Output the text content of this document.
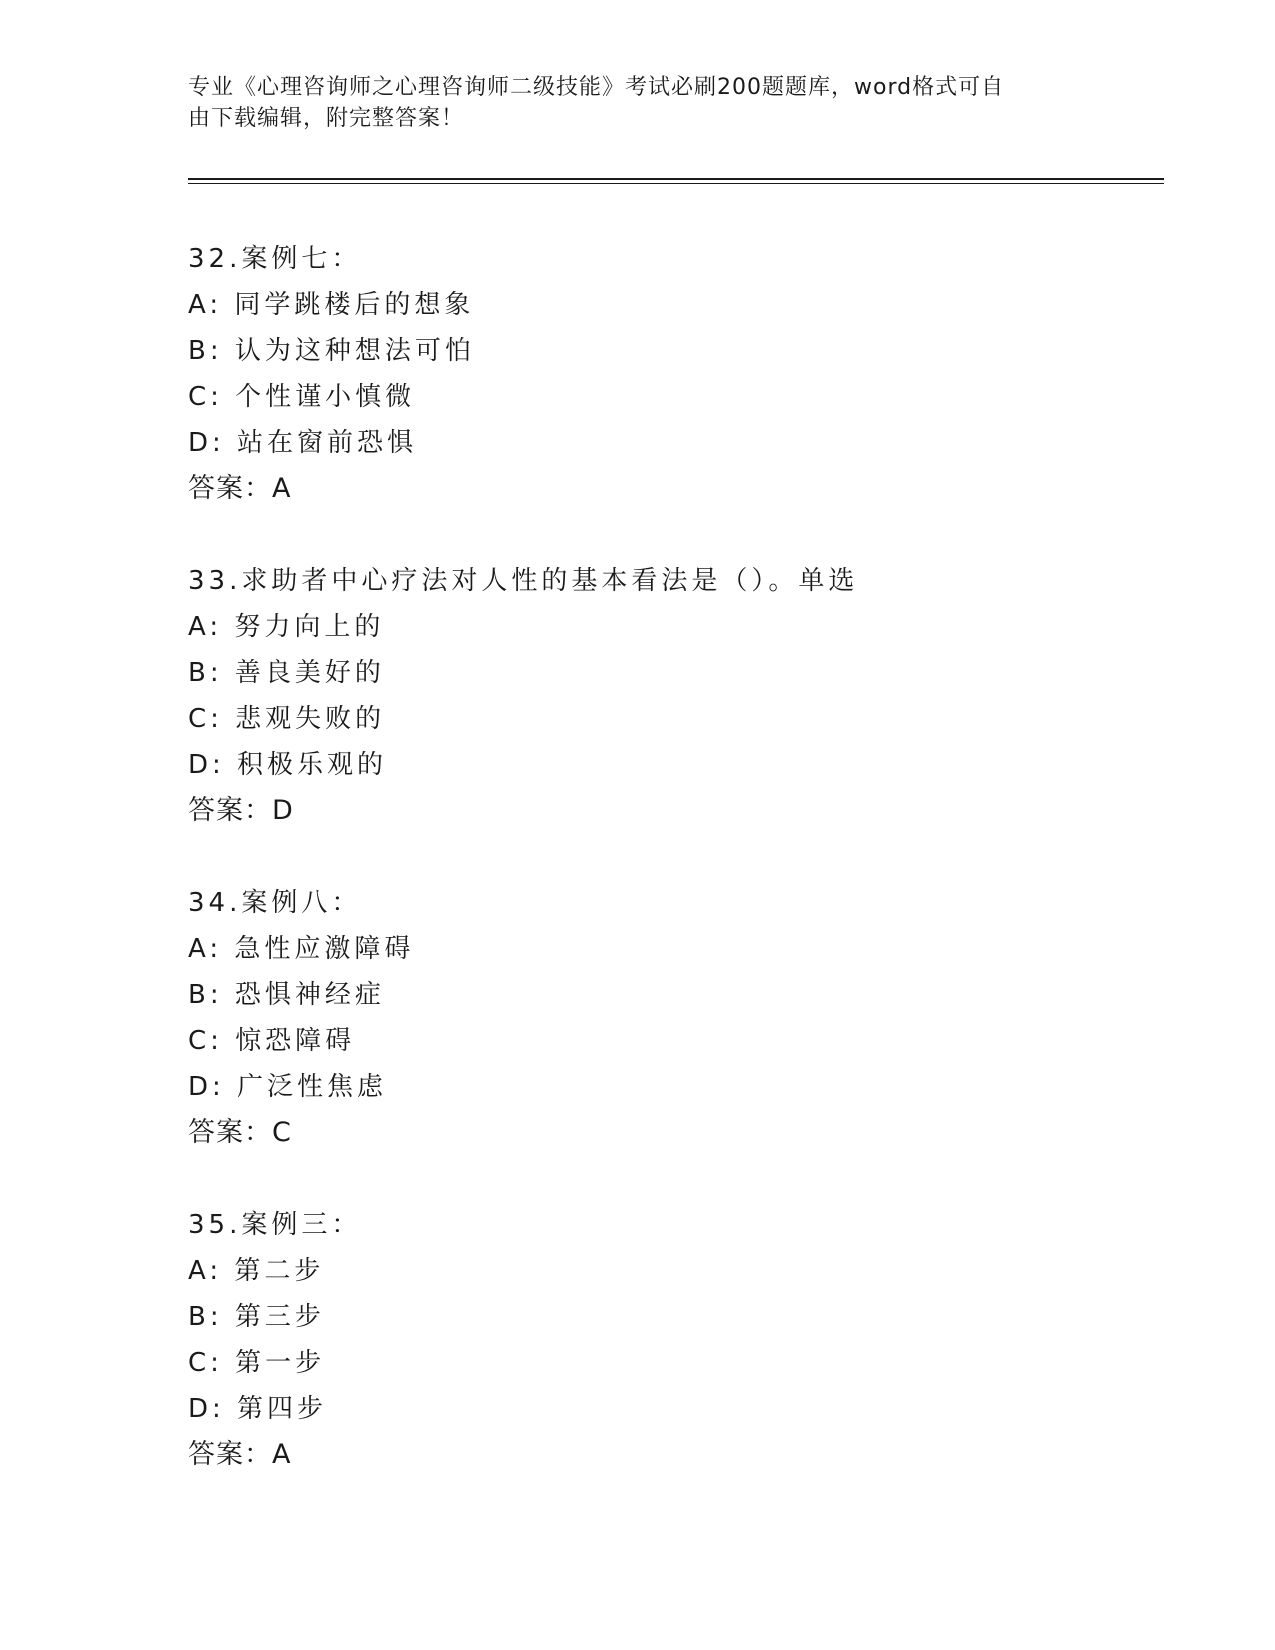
专业《心理咨询师之心理咨询师二级技能》考试必刷200题题库，word格式可自
由下载编辑，附完整答案！
32.案例七：
A: 同学跳楼后的想象
B: 认为这种想法可怕
C: 个性谨小慎微
D: 站在窗前恐惧
答案：A
33.求助者中心疗法对人性的基本看法是（）。单选
A: 努力向上的
B: 善良美好的
C: 悲观失败的
D: 积极乐观的
答案：D
34.案例八：
A: 急性应激障碍
B: 恐惧神经症
C: 惊恐障碍
D: 广泛性焦虑
答案：C
35.案例三：
A: 第二步
B: 第三步
C: 第一步
D: 第四步
答案：A
